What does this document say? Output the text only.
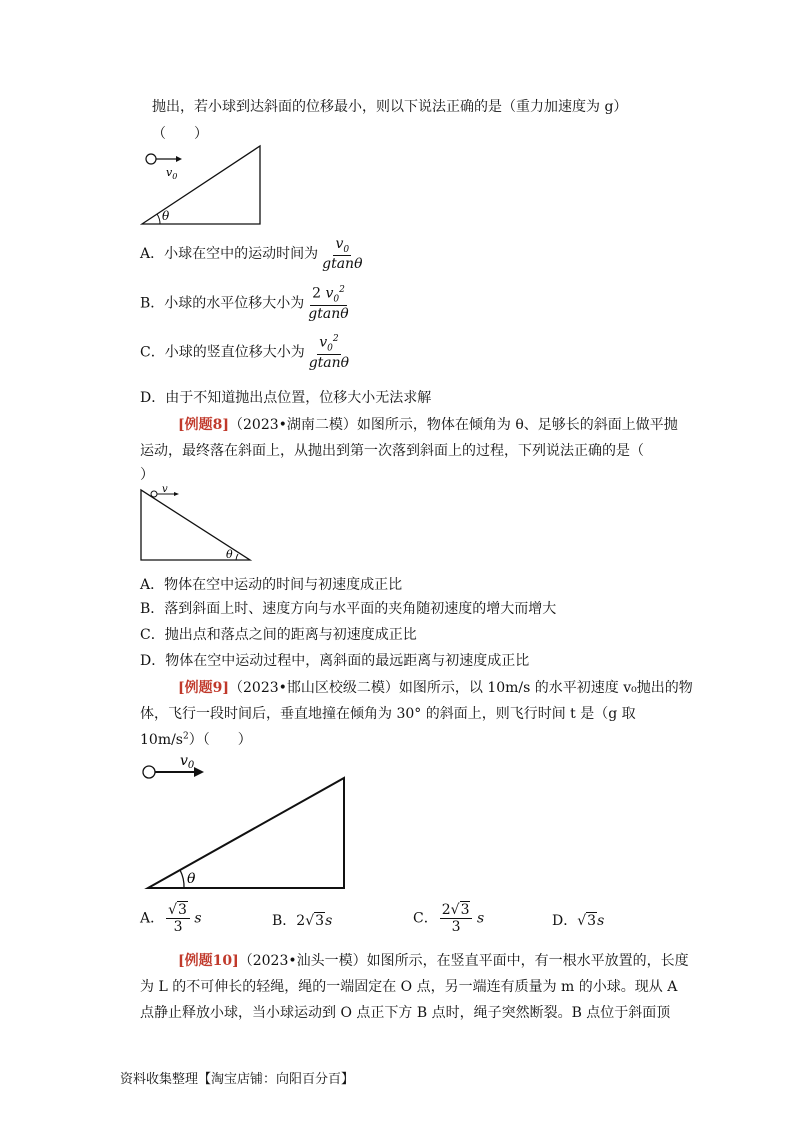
抛出，若小球到达斜面的位移最小，则以下说法正确的是（重力加速度为 g）
（　　）
$v_0$
θ
A．小球在空中的运动时间为 $\frac{v_0}{gtan\theta}$
B．小球的水平位移大小为 $\frac{2 v_0^2}{gtan\theta}$
C．小球的竖直位移大小为 $\frac{v_0^2}{gtan\theta}$
D．由于不知道抛出点位置，位移大小无法求解
[例题8]（2023•湖南二模）如图所示，物体在倾角为 θ、足够长的斜面上做平抛
运动，最终落在斜面上，从抛出到第一次落到斜面上的过程，下列说法正确的是（
）
v
θ
A．物体在空中运动的时间与初速度成正比
B．落到斜面上时、速度方向与水平面的夹角随初速度的增大而增大
C．抛出点和落点之间的距离与初速度成正比
D．物体在空中运动过程中，离斜面的最远距离与初速度成正比
[例题9]（2023•邯山区校级二模）如图所示，以 10m/s 的水平初速度 v₀抛出的物
体，飞行一段时间后，垂直地撞在倾角为 30° 的斜面上，则飞行时间 t 是（g 取
$10m/s^2$）（　　）
$v_0$
θ
A． $\frac{√3}{3}$ s	B．2√3s	C． $\frac{2√3}{3}$ s	D．√3s
[例题10]（2023•汕头一模）如图所示，在竖直平面中，有一根水平放置的，长度
为 L 的不可伸长的轻绳，绳的一端固定在 O 点，另一端连有质量为 m 的小球。现从 A
点静止释放小球，当小球运动到 O 点正下方 B 点时，绳子突然断裂。B 点位于斜面顶
资料收集整理【淘宝店铺：向阳百分百】
